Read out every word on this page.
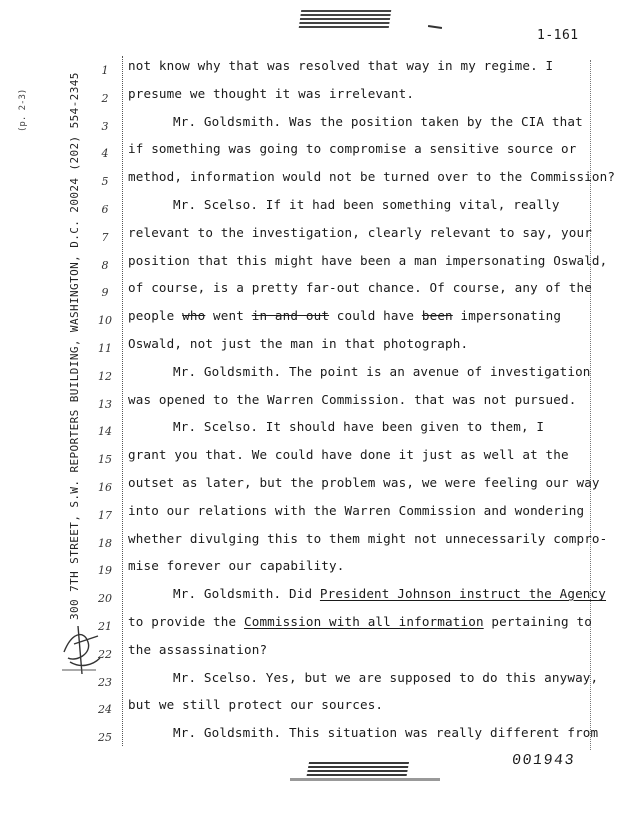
1-161
(p. 2-3)	300 7TH STREET, S.W. REPORTERS BUILDING, WASHINGTON, D.C. 20024 (202) 554-2345
1
2
3
4
5
6
7
8
9
10
11
12
13
14
15
16
17
18
19
20
21
22
23
24
25

not know why that was resolved that way in my regime. I

presume we thought it was irrelevant.

Mr. Goldsmith. Was the position taken by the CIA that

if something was going to compromise a sensitive source or

method, information would not be turned over to the Commission?

Mr. Scelso. If it had been something vital, really

relevant to the investigation, clearly relevant to say, your

position that this might have been a man impersonating Oswald,

of course, is a pretty far-out chance. Of course, any of the

people who went in and out could have been impersonating

Oswald, not just the man in that photograph.

Mr. Goldsmith. The point is an avenue of investigation

was opened to the Warren Commission. that was not pursued.

Mr. Scelso. It should have been given to them, I

grant you that. We could have done it just as well at the

outset as later, but the problem was, we were feeling our way

into our relations with the Warren Commission and wondering

whether divulging this to them might not unnecessarily compro-

mise forever our capability.

Mr. Goldsmith. Did President Johnson instruct the Agency

to provide the Commission with all information pertaining to

the assassination?

Mr. Scelso. Yes, but we are supposed to do this anyway,

but we still protect our sources.

Mr. Goldsmith. This situation was really different from

001943
